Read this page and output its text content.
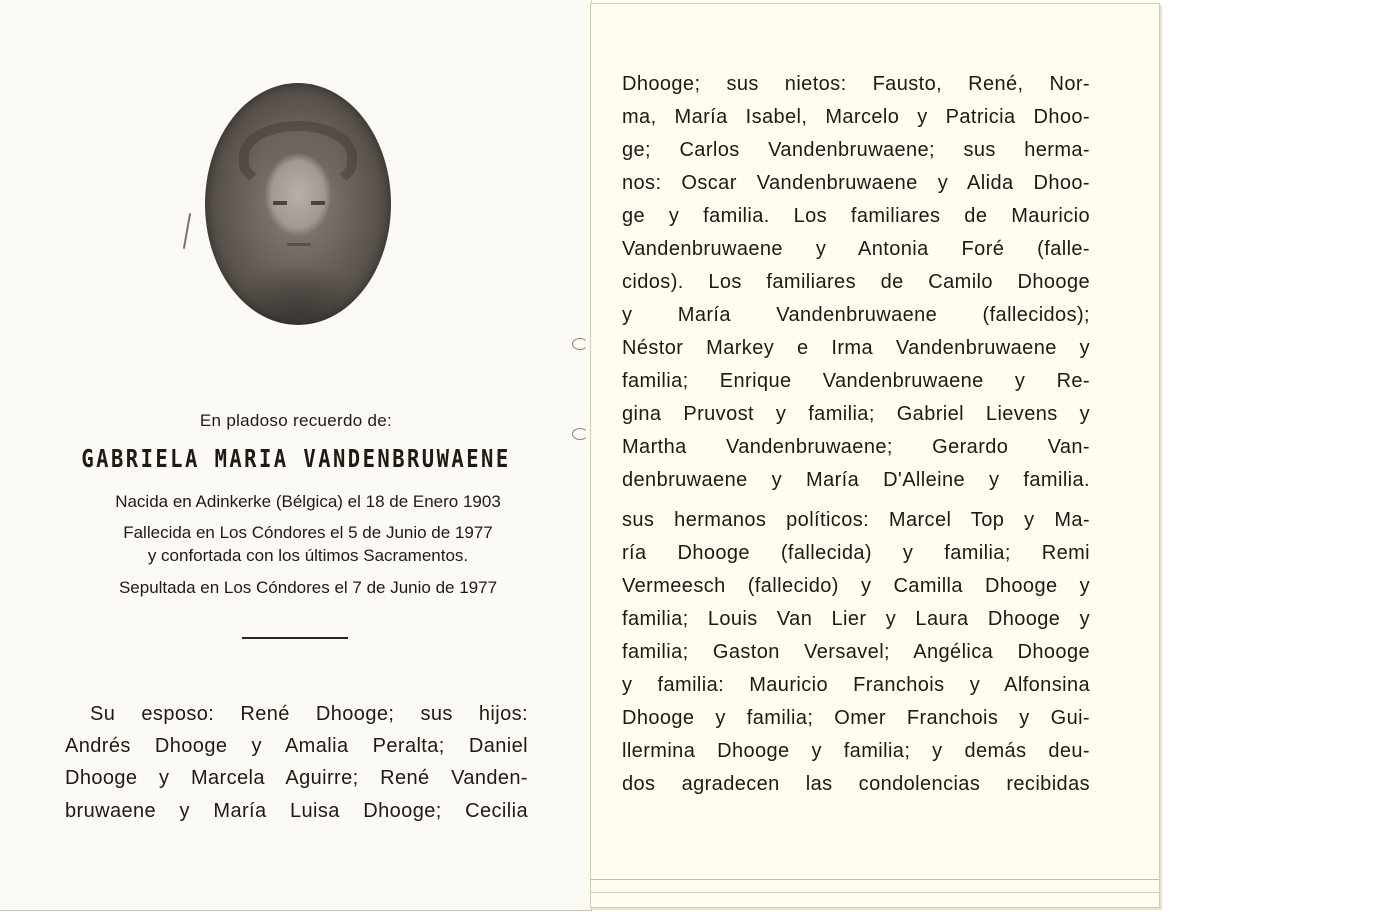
En pladoso recuerdo de:
GABRIELA MARIA VANDENBRUWAENE
Nacida en Adinkerke (Bélgica) el 18 de Enero 1903
Fallecida en Los Cóndores el 5 de Junio de 1977
y confortada con los últimos Sacramentos.
Sepultada en Los Cóndores el 7 de Junio de 1977
Su esposo: René Dhooge; sus hijos:
Andrés Dhooge y Amalia Peralta; Daniel
Dhooge y Marcela Aguirre; René Vanden-
bruwaene y María Luisa Dhooge; Cecilia
Dhooge; sus nietos: Fausto, René, Nor-
ma, María Isabel, Marcelo y Patricia Dhoo-
ge; Carlos Vandenbruwaene; sus herma-
nos: Oscar Vandenbruwaene y Alida Dhoo-
ge y familia. Los familiares de Mauricio
Vandenbruwaene y Antonia Foré (falle-
cidos). Los familiares de Camilo Dhooge
y María Vandenbruwaene (fallecidos);
Néstor Markey e Irma Vandenbruwaene y
familia; Enrique Vandenbruwaene y Re-
gina Pruvost y familia; Gabriel Lievens y
Martha Vandenbruwaene; Gerardo Van-
denbruwaene y María D'Alleine y familia.
sus hermanos políticos: Marcel Top y Ma-
ría Dhooge (fallecida) y familia; Remi
Vermeesch (fallecido) y Camilla Dhooge y
familia; Louis Van Lier y Laura Dhooge y
familia; Gaston Versavel; Angélica Dhooge
y familia: Mauricio Franchois y Alfonsina
Dhooge y familia; Omer Franchois y Gui-
llermina Dhooge y familia; y demás deu-
dos agradecen las condolencias recibidas
